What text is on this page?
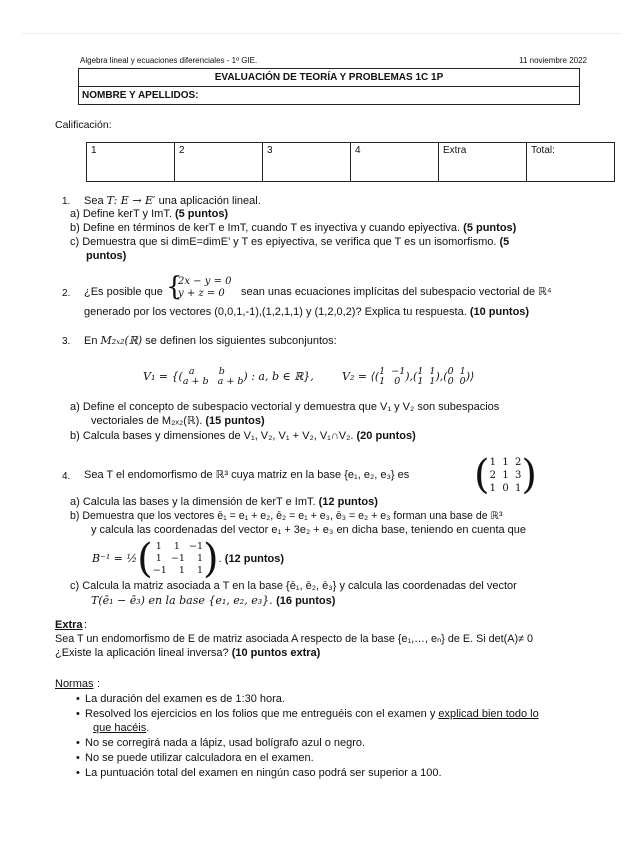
Algebra lineal y ecuaciones diferenciales - 1º GIE.	11 noviembre 2022
EVALUACIÓN DE TEORÍA Y PROBLEMAS 1C 1P
NOMBRE Y APELLIDOS:
Calificación:
1	2	3	4	Extra	Total:
1. Sea T: E → E′ una aplicación lineal.
a) Define kerT y ImT. (5 puntos)
b) Define en términos de kerT e ImT, cuando T es inyectiva y cuando epiyectiva. (5 puntos)
c) Demuestra que si dimE=dimE’ y T es epiyectiva, se verifica que T es un isomorfismo. (5
puntos)
2. ¿Es posible que {
2x − y = 0
y + z = 0	sean unas ecuaciones implícitas del subespacio vectorial de ℝ⁴
generado por los vectores (0,0,1,-1),(1,2,1,1) y (1,2,0,2)? Explica tu respuesta. (10 puntos)
3. En M₂ₓ₂(ℝ) se definen los siguientes subconjuntos:
V₁ = {( a        b
a + b   a + b ) : a, b ∈ ℝ},	V₂ = ⟨( 1  −1
1   0 ),( 1  1
1  1 ),( 0  1
0  0 )⟩
a) Define el concepto de subespacio vectorial y demuestra que V₁ y V₂ son subespacios
vectoriales de M₂ₓ₂(ℝ). (15 puntos)
b) Calcula bases y dimensiones de V₁, V₂, V₁ + V₂, V₁∩V₂. (20 puntos)
4. Sea T el endomorfismo de ℝ³ cuya matriz en la base {e₁, e₂, e₃} es ( 1  1  2
2  1  3
1  0  1 )
a) Calcula las bases y la dimensión de kerT e ImT. (12 puntos)
b) Demuestra que los vectores ē₁ = e₁ + e₂, ē₂ = e₁ + e₃, ē₃ = e₂ + e₃ forman una base de ℝ³
y calcula las coordenadas del vector e₁ + 3e₂ + e₃ en dicha base, teniendo en cuenta que
B⁻¹ = ½( 1    1   −1
1   −1    1
−1    1    1 ). (12 puntos)
c) Calcula la matriz asociada a T en la base {ē₁, ē₂, ē₃} y calcula las coordenadas del vector
T(ē₁ − ē₃) en la base {e₁, e₂, e₃}. (16 puntos)
Extra :
Sea T un endomorfismo de E de matriz asociada A respecto de la base {e₁,…, eₙ} de E. Si det(A)≠ 0
¿Existe la aplicación lineal inversa? (10 puntos extra)
Normas :
• La duración del examen es de 1:30 hora.
• Resolved los ejercicios en los folios que me entreguéis con el examen y explicad bien todo lo
que hacéis.
• No se corregirá nada a lápiz, usad bolígrafo azul o negro.
• No se puede utilizar calculadora en el examen.
• La puntuación total del examen en ningún caso podrá ser superior a 100.
